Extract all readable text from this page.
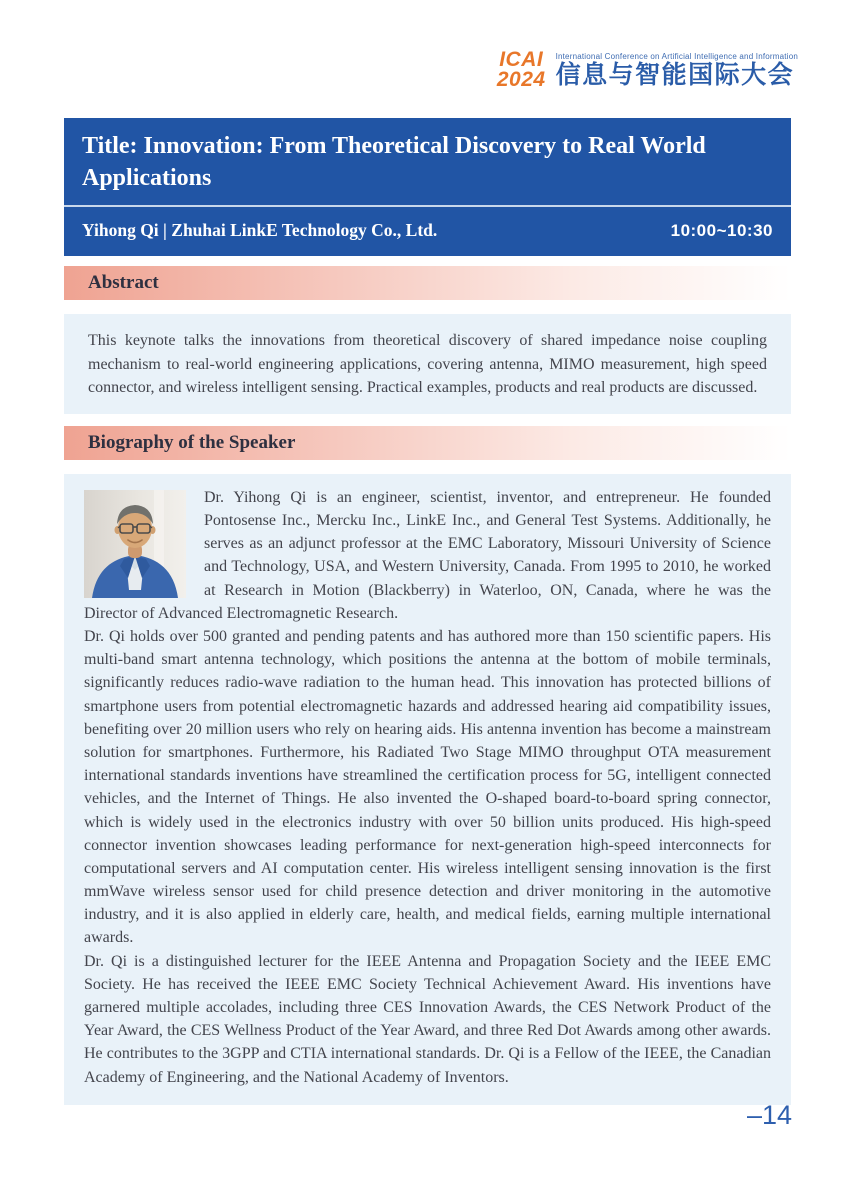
ICAI
2024
International Conference on Artificial Intelligence and Information
信息与智能国际大会
Title: Innovation: From Theoretical Discovery to Real World Applications
Yihong Qi | Zhuhai LinkE Technology Co., Ltd.	10:00~10:30
Abstract

This keynote talks the innovations from theoretical discovery of shared impedance noise coupling mechanism to real-world engineering applications, covering antenna, MIMO measurement, high speed connector, and wireless intelligent sensing. Practical examples, products and real products are discussed.

Biography of the Speaker

Dr. Yihong Qi is an engineer, scientist, inventor, and entrepreneur. He founded Pontosense Inc., Mercku Inc., LinkE Inc., and General Test Systems. Additionally, he serves as an adjunct professor at the EMC Laboratory, Missouri University of Science and Technology, USA, and Western University, Canada. From 1995 to 2010, he worked at Research in Motion (Blackberry) in Waterloo, ON, Canada, where he was the Director of Advanced Electromagnetic Research.

Dr. Qi holds over 500 granted and pending patents and has authored more than 150 scientific papers. His multi-band smart antenna technology, which positions the antenna at the bottom of mobile terminals, significantly reduces radio-wave radiation to the human head. This innovation has protected billions of smartphone users from potential electromagnetic hazards and addressed hearing aid compatibility issues, benefiting over 20 million users who rely on hearing aids. His antenna invention has become a mainstream solution for smartphones. Furthermore, his Radiated Two Stage MIMO throughput OTA measurement international standards inventions have streamlined the certification process for 5G, intelligent connected vehicles, and the Internet of Things. He also invented the O-shaped board-to-board spring connector, which is widely used in the electronics industry with over 50 billion units produced. His high-speed connector invention showcases leading performance for next-generation high-speed interconnects for computational servers and AI computation center. His wireless intelligent sensing innovation is the first mmWave wireless sensor used for child presence detection and driver monitoring in the automotive industry, and it is also applied in elderly care, health, and medical fields, earning multiple international awards.

Dr. Qi is a distinguished lecturer for the IEEE Antenna and Propagation Society and the IEEE EMC Society. He has received the IEEE EMC Society Technical Achievement Award. His inventions have garnered multiple accolades, including three CES Innovation Awards, the CES Network Product of the Year Award, the CES Wellness Product of the Year Award, and three Red Dot Awards among other awards. He contributes to the 3GPP and CTIA international standards. Dr. Qi is a Fellow of the IEEE, the Canadian Academy of Engineering, and the National Academy of Inventors.

–14
